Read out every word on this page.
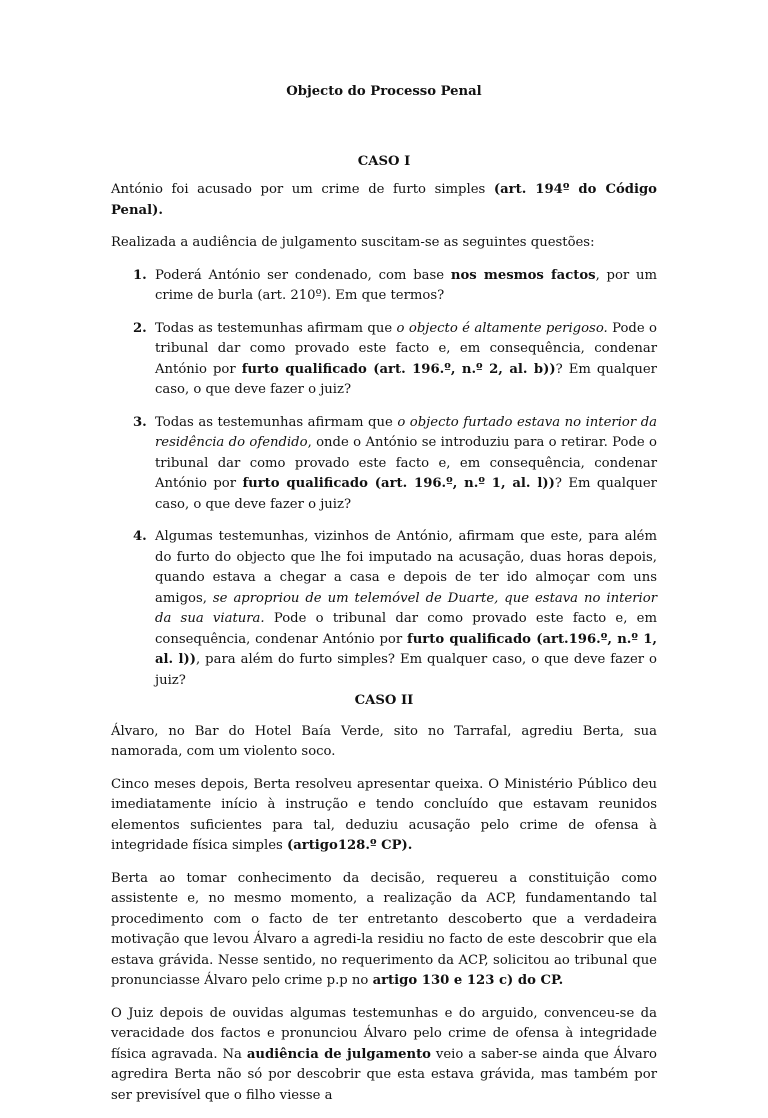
Objecto do Processo Penal
CASO I

António foi acusado por um crime de furto simples (art. 194º do Código Penal).

Realizada a audiência de julgamento suscitam-se as seguintes questões:

1. Poderá António ser condenado, com base nos mesmos factos, por um crime de burla (art. 210º). Em que termos?
2. Todas as testemunhas afirmam que o objecto é altamente perigoso. Pode o tribunal dar como provado este facto e, em consequência, condenar António por furto qualificado (art. 196.º, n.º 2, al. b))? Em qualquer caso, o que deve fazer o juiz?
3. Todas as testemunhas afirmam que o objecto furtado estava no interior da residência do ofendido, onde o António se introduziu para o retirar. Pode o tribunal dar como provado este facto e, em consequência, condenar António por furto qualificado (art. 196.º, n.º 1, al. l))? Em qualquer caso, o que deve fazer o juiz?
4. Algumas testemunhas, vizinhos de António, afirmam que este, para além do furto do objecto que lhe foi imputado na acusação, duas horas depois, quando estava a chegar a casa e depois de ter ido almoçar com uns amigos, se apropriou de um telemóvel de Duarte, que estava no interior da sua viatura. Pode o tribunal dar como provado este facto e, em consequência, condenar António por furto qualificado (art.196.º, n.º 1, al. l)), para além do furto simples? Em qualquer caso, o que deve fazer o juiz?
CASO II

Álvaro, no Bar do Hotel Baía Verde, sito no Tarrafal, agrediu Berta, sua namorada, com um violento soco.

Cinco meses depois, Berta resolveu apresentar queixa. O Ministério Público deu imediatamente início à instrução e tendo concluído que estavam reunidos elementos suficientes para tal, deduziu acusação pelo crime de ofensa à integridade física simples (artigo128.º CP).

Berta ao tomar conhecimento da decisão, requereu a constituição como assistente e, no mesmo momento, a realização da ACP, fundamentando tal procedimento com o facto de ter entretanto descoberto que a verdadeira motivação que levou Álvaro a agredi-la residiu no facto de este descobrir que ela estava grávida. Nesse sentido, no requerimento da ACP, solicitou ao tribunal que pronunciasse Álvaro pelo crime p.p no artigo 130 e 123 c) do CP.

O Juiz depois de ouvidas algumas testemunhas e do arguido, convenceu-se da veracidade dos factos e pronunciou Álvaro pelo crime de ofensa à integridade física agravada. Na audiência de julgamento veio a saber-se ainda que Álvaro agredira Berta não só por descobrir que esta estava grávida, mas também por ser previsível que o filho viesse a
